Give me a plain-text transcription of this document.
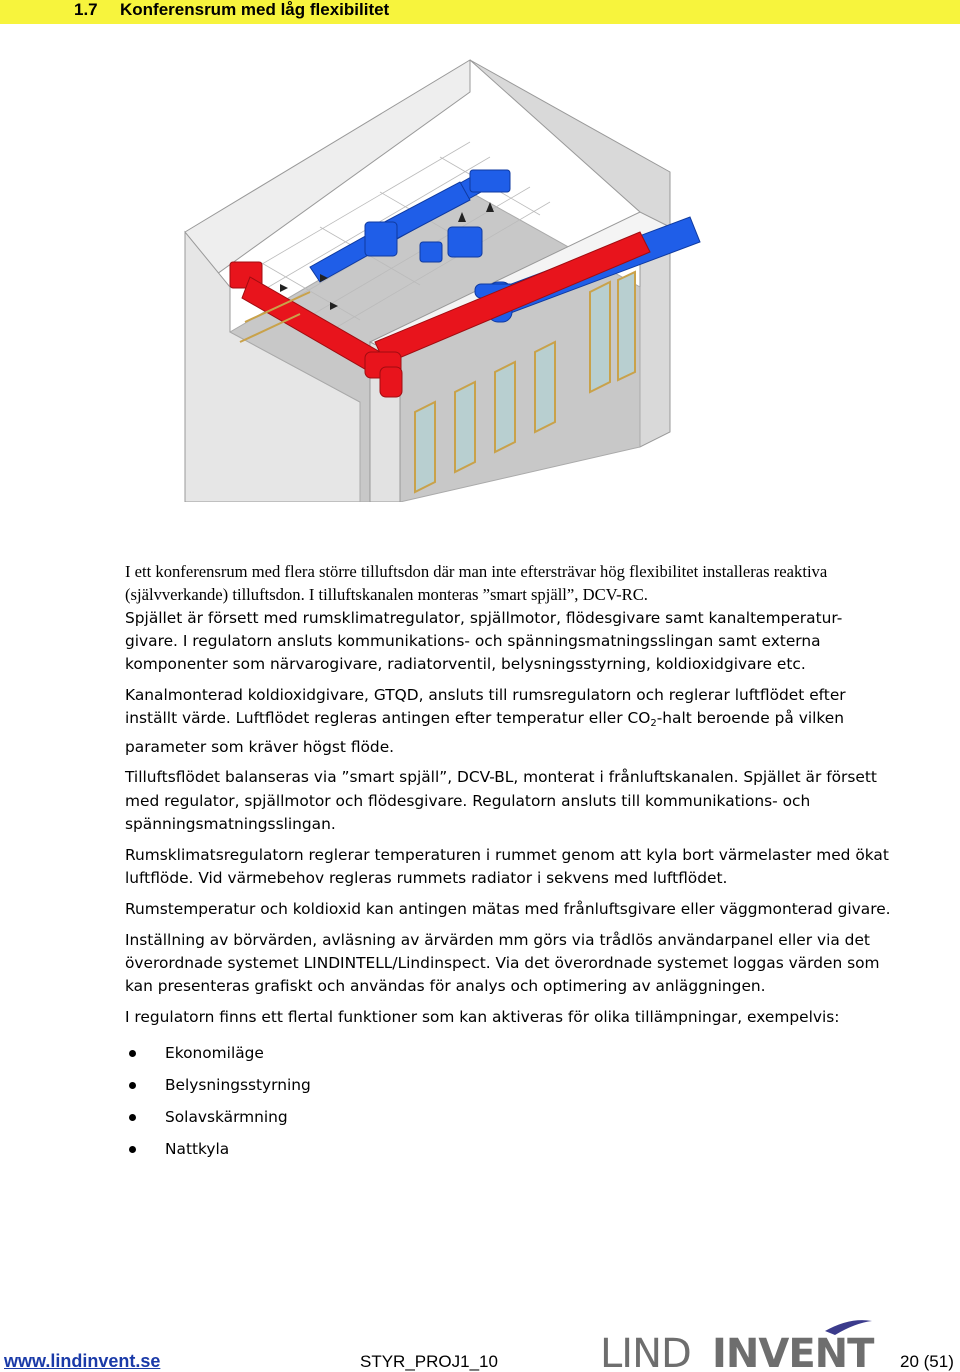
1.7 Konferensrum med låg flexibilitet

I ett konferensrum med flera större tilluftsdon där man inte eftersträvar hög flexibilitet installeras reaktiva (självverkande) tilluftsdon. I tilluftskanalen monteras ”smart spjäll”, DCV-RC.

Spjället är försett med rumsklimatregulator, spjällmotor, flödesgivare samt kanaltemperatur-givare. I regulatorn ansluts kommunikations- och spänningsmatningsslingan samt externa komponenter som närvarogivare, radiatorventil, belysningsstyrning, koldioxidgivare etc.

Kanalmonterad koldioxidgivare, GTQD, ansluts till rumsregulatorn och reglerar luftflödet efter inställt värde. Luftflödet regleras antingen efter temperatur eller $CO_2$-halt beroende på vilken parameter som kräver högst flöde.

Tilluftsflödet balanseras via ”smart spjäll”, DCV-BL, monterat i frånluftskanalen. Spjället är försett med regulator, spjällmotor och flödesgivare. Regulatorn ansluts till kommunikations- och spänningsmatningsslingan.

Rumsklimatsregulatorn reglerar temperaturen i rummet genom att kyla bort värmelaster med ökat luftflöde. Vid värmebehov regleras rummets radiator i sekvens med luftflödet.

Rumstemperatur och koldioxid kan antingen mätas med frånluftsgivare eller väggmonterad givare.

Inställning av börvärden, avläsning av ärvärden mm görs via trådlös användarpanel eller via det överordnade systemet LINDINTELL/Lindinspect. Via det överordnade systemet loggas värden som kan presenteras grafiskt och användas för analys och optimering av anläggningen.

I regulatorn finns ett flertal funktioner som kan aktiveras för olika tillämpningar, exempelvis:

Ekonomiläge
Belysningsstyrning
Solavskärmning
Nattkyla
www.lindinvent.se	STYR_PROJ1_10	LIND INVENT 20 (51)
